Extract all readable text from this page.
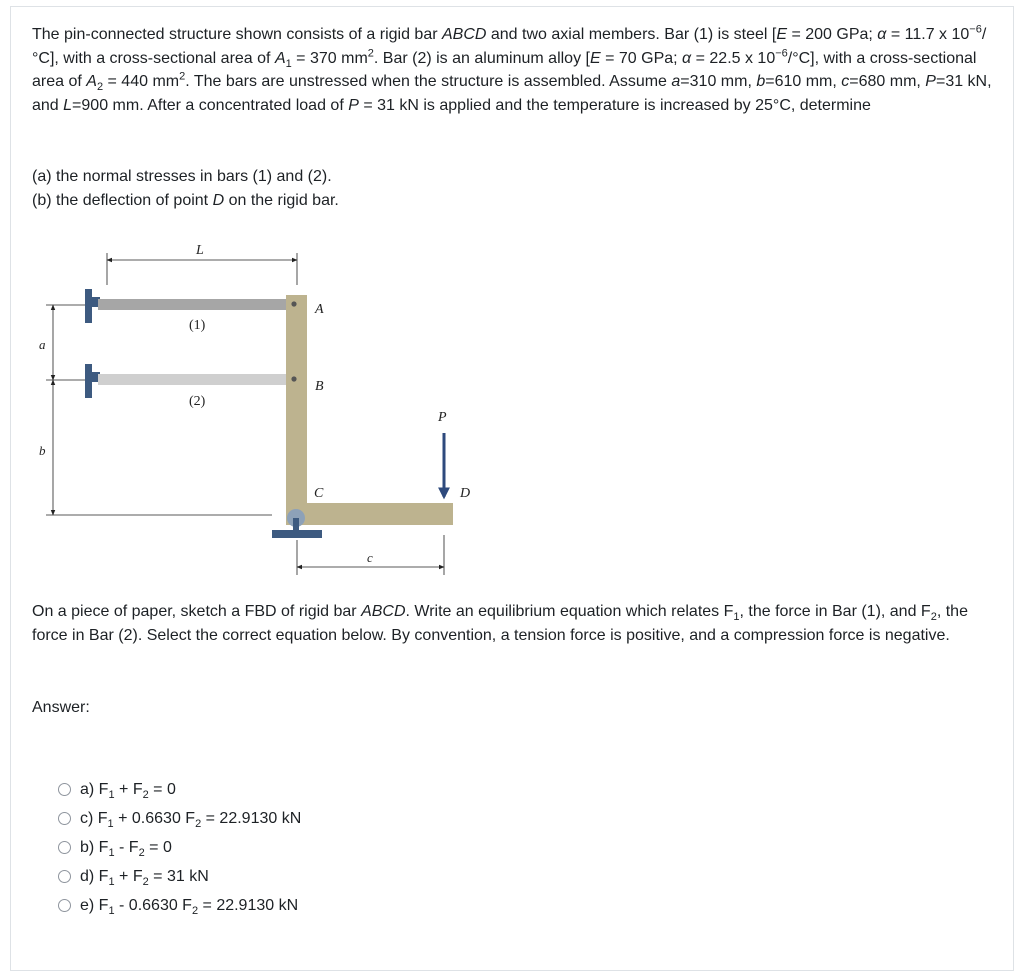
The pin-connected structure shown consists of a rigid bar ABCD and two axial members. Bar (1) is steel [E = 200 GPa; α = 11.7 x $10^{-6}/^\circ C$], with a cross-sectional area of $A_1 = 370$ $mm^2$. Bar (2) is an aluminum alloy [E = 70 GPa; α = 22.5 x $10^{-6}/^\circ C$], with a cross-sectional area of $A_2 = 440$ $mm^2$. The bars are unstressed when the structure is assembled. Assume a=310 mm, b=610 mm, c=680 mm, P=31 kN, and L=900 mm. After a concentrated load of P = 31 kN is applied and the temperature is increased by 25°C, determine

(a) the normal stresses in bars (1) and (2).
(b) the deflection of point D on the rigid bar.

L
a
b
(1)
(2)
A
B
C
P
D
c

On a piece of paper, sketch a FBD of rigid bar ABCD. Write an equilibrium equation which relates $F_1$, the force in Bar (1), and $F_2$, the force in Bar (2). Select the correct equation below. By convention, a tension force is positive, and a compression force is negative.

Answer:

a) $F_1 + F_2 = 0$
c) $F_1 + 0.6630$ $F_2 = 22.9130$ kN
b) $F_1 - F_2 = 0$
d) $F_1 + F_2 = 31$ kN
e) $F_1 - 0.6630$ $F_2 = 22.9130$ kN
